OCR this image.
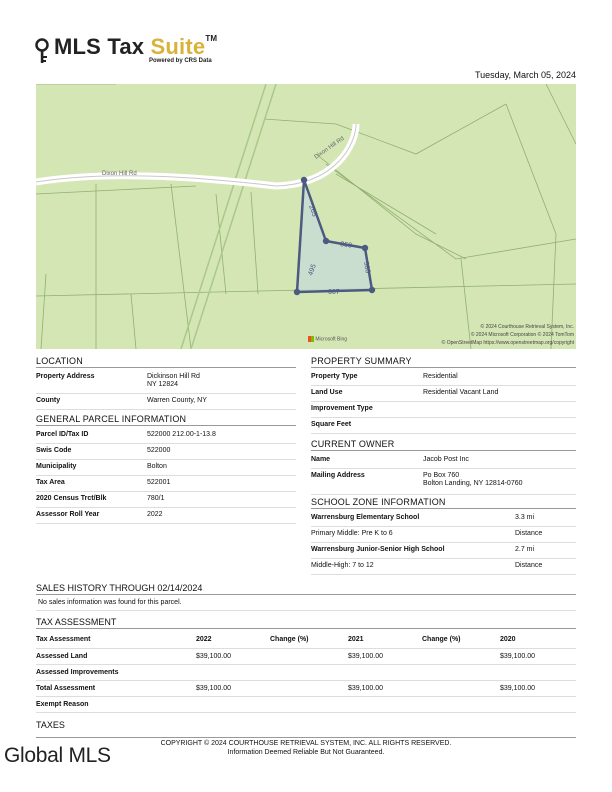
MLS Tax Suite™
Powered by CRS Data
Tuesday, March 05, 2024
Dixon Hill Rd
Dixon Hill Rd
265
350
383
667
495
Microsoft Bing
© 2024 Courthouse Retrieval System, Inc.
© 2024 Microsoft Corporation © 2024 TomTom
© OpenStreetMap https://www.openstreetmap.org/copyright
LOCATION
Property Address	Dickinson Hill Rd
NY 12824
County	Warren County, NY
GENERAL PARCEL INFORMATION
Parcel ID/Tax ID	522000 212.00-1-13.8
Swis Code	522000
Municipality	Bolton
Tax Area	522001
2020 Census Trct/Blk	780/1
Assessor Roll Year	2022
PROPERTY SUMMARY
Property Type	Residential
Land Use	Residential Vacant Land
Improvement Type
Square Feet
CURRENT OWNER
Name	Jacob Post Inc
Mailing Address	Po Box 760
Bolton Landing, NY 12814-0760
SCHOOL ZONE INFORMATION
Warrensburg Elementary School	3.3 mi
Primary Middle: Pre K to 6	Distance
Warrensburg Junior-Senior High School	2.7 mi
Middle-High: 7 to 12	Distance
SALES HISTORY THROUGH 02/14/2024
No sales information was found for this parcel.
TAX ASSESSMENT
Tax Assessment	2022	Change (%)	2021	Change (%)	2020
Assessed Land	$39,100.00		$39,100.00		$39,100.00
Assessed Improvements					
Total Assessment	$39,100.00		$39,100.00		$39,100.00
Exempt Reason					
TAXES
COPYRIGHT © 2024 COURTHOUSE RETRIEVAL SYSTEM, INC. ALL RIGHTS RESERVED.
Information Deemed Reliable But Not Guaranteed.
Global MLS
